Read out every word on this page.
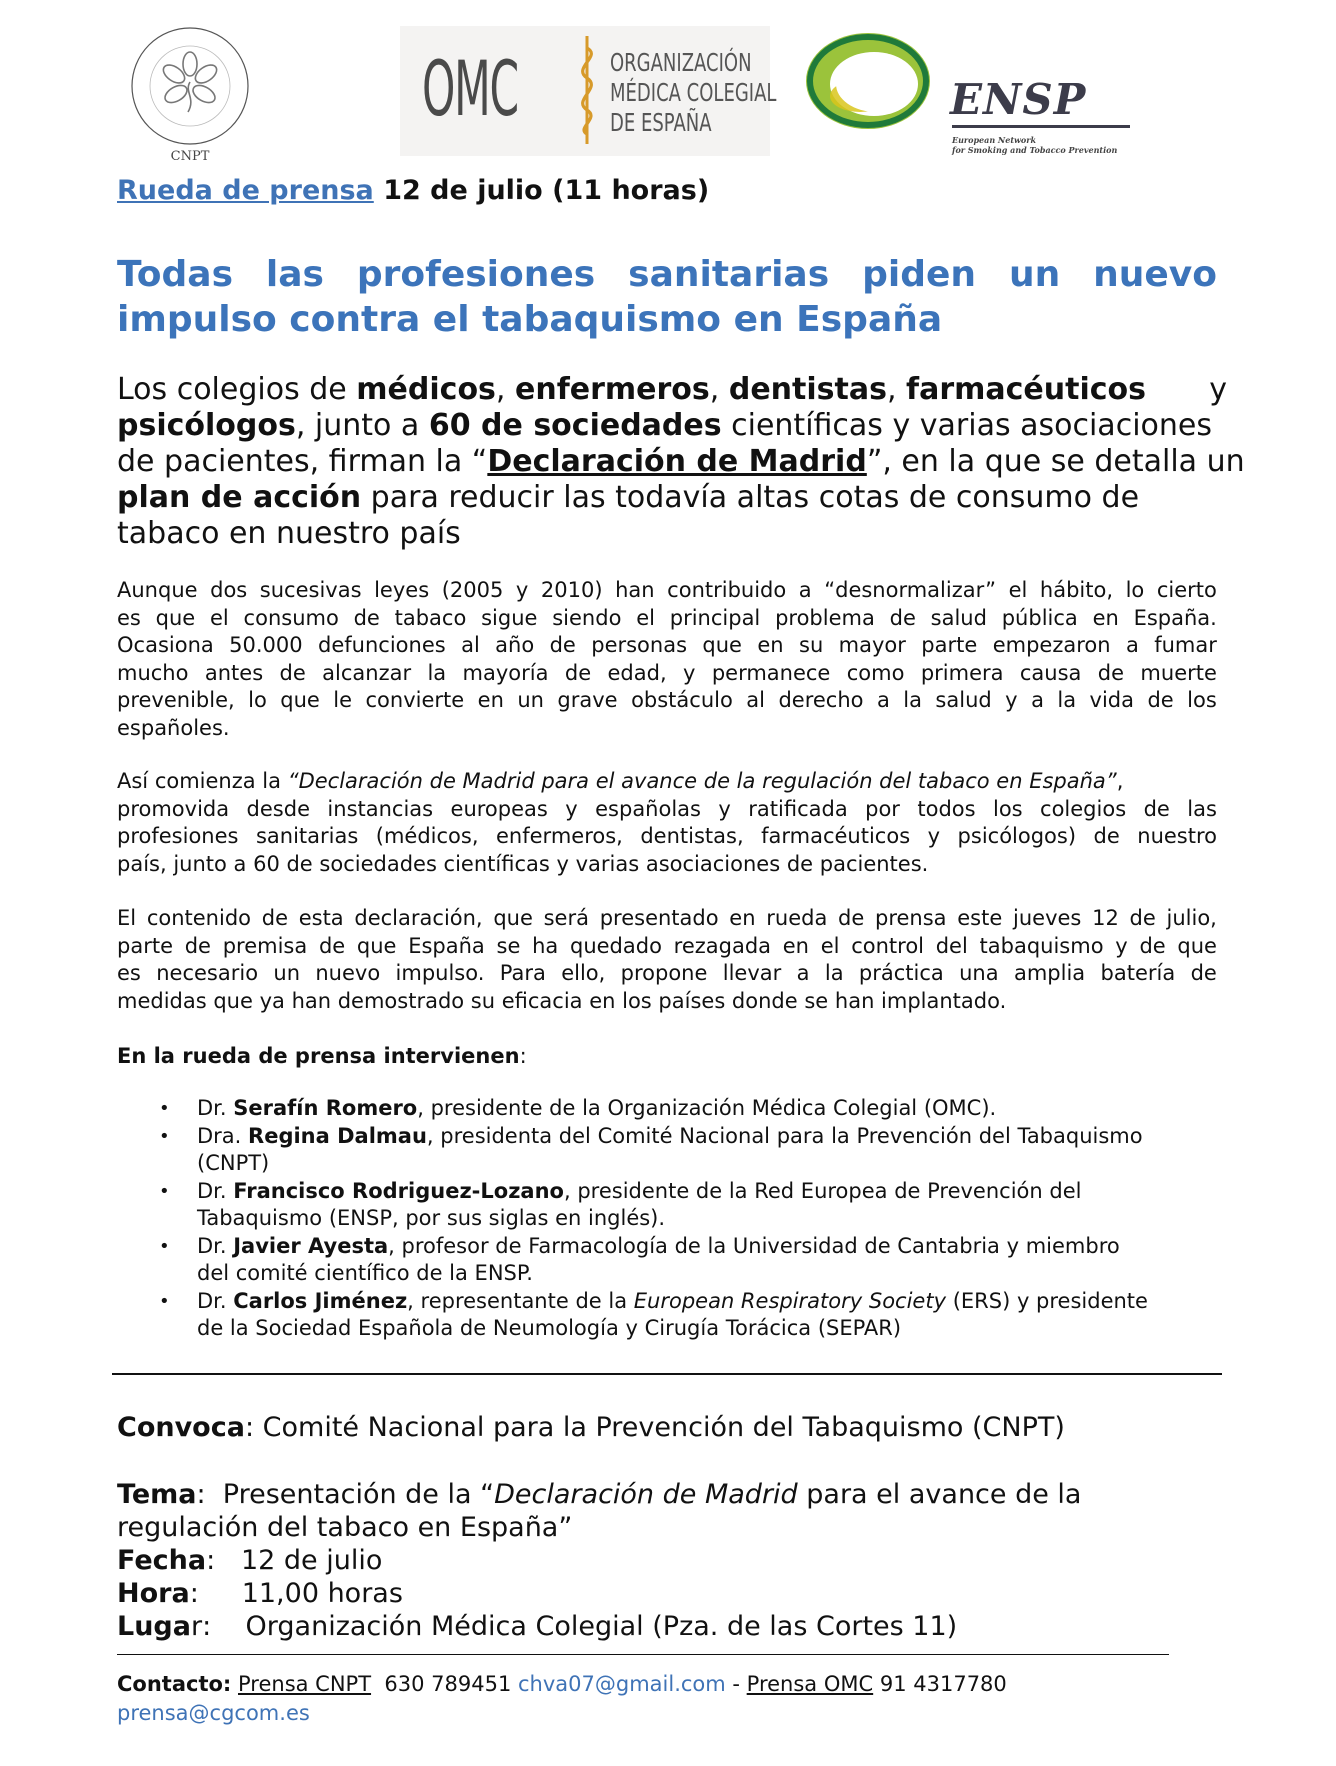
CNPT
OMC	ORGANIZACIÓN
MÉDICA COLEGIAL
DE ESPAÑA	ENSP
European Network
for Smoking and Tobacco Prevention
Rueda de prensa 12 de julio (11 horas)
Todas las profesiones sanitarias piden un nuevo
impulso contra el tabaquismo en España
Los colegios de médicos , enfermeros , dentistas , farmacéuticos y
psicólogos , junto a 60 de sociedades científicas y varias asociaciones
de pacientes, firman la “ Declaración de Madrid ”, en la que se detalla un
plan de acción para reducir las todavía altas cotas de consumo de
tabaco en nuestro país
Aunque dos sucesivas leyes (2005 y 2010) han contribuido a “desnormalizar” el hábito, lo cierto
es que el consumo de tabaco sigue siendo el principal problema de salud pública en España.
Ocasiona 50.000 defunciones al año de personas que en su mayor parte empezaron a fumar
mucho antes de alcanzar la mayoría de edad, y permanece como primera causa de muerte
prevenible, lo que le convierte en un grave obstáculo al derecho a la salud y a la vida de los
españoles.
Así comienza la “Declaración de Madrid para el avance de la regulación del tabaco en España” ,
promovida desde instancias europeas y españolas y ratificada por todos los colegios de las
profesiones sanitarias (médicos, enfermeros, dentistas, farmacéuticos y psicólogos) de nuestro
país, junto a 60 de sociedades científicas y varias asociaciones de pacientes.
El contenido de esta declaración, que será presentado en rueda de prensa este jueves 12 de julio,
parte de premisa de que España se ha quedado rezagada en el control del tabaquismo y de que
es necesario un nuevo impulso. Para ello, propone llevar a la práctica una amplia batería de
medidas que ya han demostrado su eficacia en los países donde se han implantado.
En la rueda de prensa intervienen:
• Dr. Serafín Romero , presidente de la Organización Médica Colegial (OMC).
• Dra. Regina Dalmau , presidenta del Comité Nacional para la Prevención del Tabaquismo
(CNPT)
• Dr. Francisco Rodriguez-Lozano , presidente de la Red Europea de Prevención del
Tabaquismo (ENSP, por sus siglas en inglés).
• Dr. Javier Ayesta , profesor de Farmacología de la Universidad de Cantabria y miembro
del comité científico de la ENSP.
• Dr. Carlos Jiménez , representante de la European Respiratory Society (ERS) y presidente
de la Sociedad Española de Neumología y Cirugía Torácica (SEPAR)
Convoca: Comité Nacional para la Prevención del Tabaquismo (CNPT)
Tema :  Presentación de la “ Declaración de Madrid para el avance de la
regulación del tabaco en España”
Fecha :   12 de julio
Hora :     11,00 horas
Luga r :    Organización Médica Colegial (Pza. de las Cortes 11)
Contacto: Prensa CNPT  630 789451 chva07@gmail.com - Prensa OMC 91 4317780
prensa@cgcom.es
